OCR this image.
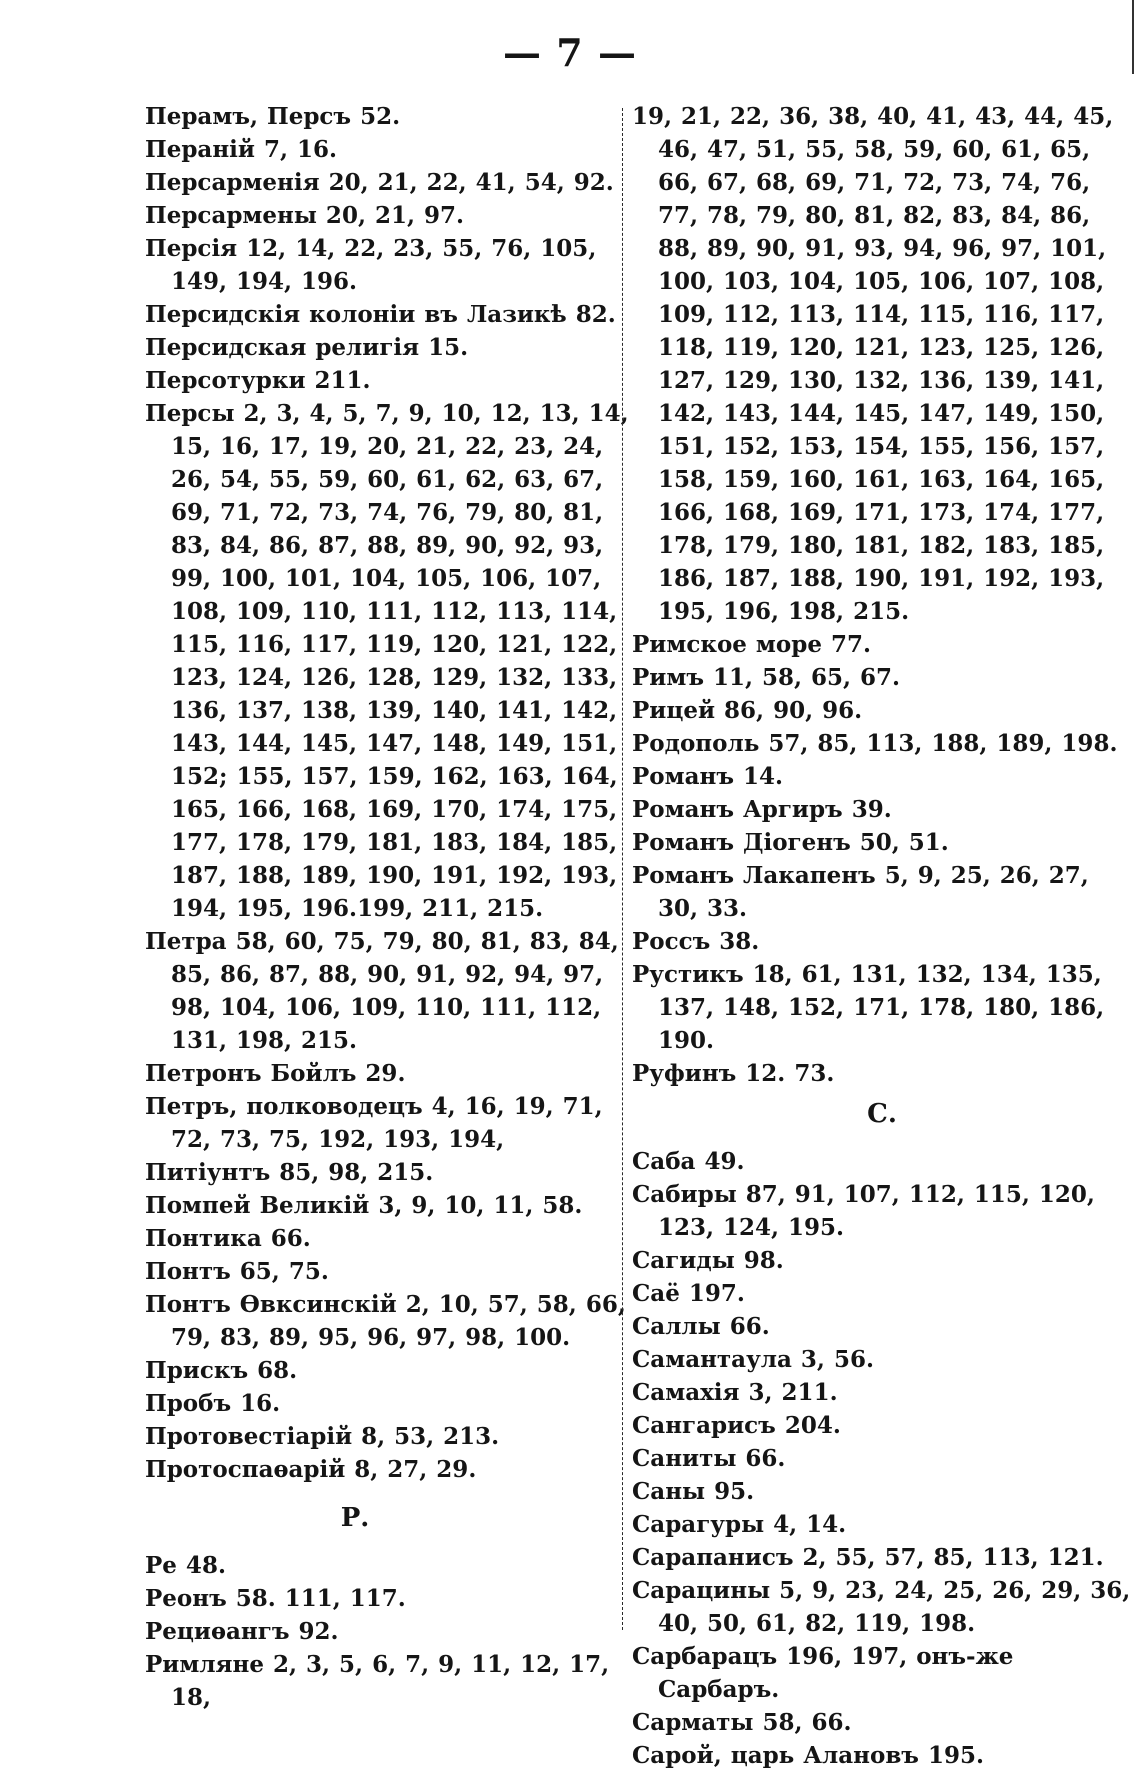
— 7 —
Перамъ, Персъ 52.
Пераній 7, 16.
Персарменія 20, 21, 22, 41, 54, 92.
Персармены 20, 21, 97.
Персія 12, 14, 22, 23, 55, 76, 105, 149, 194, 196.
Персидскія колоніи въ Лазикѣ 82.
Персидская религія 15.
Персотурки 211.
Персы 2, 3, 4, 5, 7, 9, 10, 12, 13, 14, 15, 16, 17, 19, 20, 21, 22, 23, 24, 26, 54, 55, 59, 60, 61, 62, 63, 67, 69, 71, 72, 73, 74, 76, 79, 80, 81, 83, 84, 86, 87, 88, 89, 90, 92, 93, 99, 100, 101, 104, 105, 106, 107, 108, 109, 110, 111, 112, 113, 114, 115, 116, 117, 119, 120, 121, 122, 123, 124, 126, 128, 129, 132, 133, 136, 137, 138, 139, 140, 141, 142, 143, 144, 145, 147, 148, 149, 151, 152; 155, 157, 159, 162, 163, 164, 165, 166, 168, 169, 170, 174, 175, 177, 178, 179, 181, 183, 184, 185, 187, 188, 189, 190, 191, 192, 193, 194, 195, 196.199, 211, 215.
Петра 58, 60, 75, 79, 80, 81, 83, 84, 85, 86, 87, 88, 90, 91, 92, 94, 97, 98, 104, 106, 109, 110, 111, 112, 131, 198, 215.
Петронъ Бойлъ 29.
Петръ, полководецъ 4, 16, 19, 71, 72, 73, 75, 192, 193, 194,
Питіунтъ 85, 98, 215.
Помпей Великій 3, 9, 10, 11, 58.
Понтика 66.
Понтъ 65, 75.
Понтъ Ѳвксинскій 2, 10, 57, 58, 66, 79, 83, 89, 95, 96, 97, 98, 100.
Прискъ 68.
Пробъ 16.
Протовестіарій 8, 53, 213.
Протоспаѳарій 8, 27, 29.
Р.
Ре 48.
Реонъ 58. 111, 117.
Рециѳангъ 92.
Римляне 2, 3, 5, 6, 7, 9, 11, 12, 17, 18,
19, 21, 22, 36, 38, 40, 41, 43, 44, 45, 46, 47, 51, 55, 58, 59, 60, 61, 65, 66, 67, 68, 69, 71, 72, 73, 74, 76, 77, 78, 79, 80, 81, 82, 83, 84, 86, 88, 89, 90, 91, 93, 94, 96, 97, 101, 100, 103, 104, 105, 106, 107, 108, 109, 112, 113, 114, 115, 116, 117, 118, 119, 120, 121, 123, 125, 126, 127, 129, 130, 132, 136, 139, 141, 142, 143, 144, 145, 147, 149, 150, 151, 152, 153, 154, 155, 156, 157, 158, 159, 160, 161, 163, 164, 165, 166, 168, 169, 171, 173, 174, 177, 178, 179, 180, 181, 182, 183, 185, 186, 187, 188, 190, 191, 192, 193, 195, 196, 198, 215.
Римское море 77.
Римъ 11, 58, 65, 67.
Рицей 86, 90, 96.
Родополь 57, 85, 113, 188, 189, 198.
Романъ 14.
Романъ Аргиръ 39.
Романъ Діогенъ 50, 51.
Романъ Лакапенъ 5, 9, 25, 26, 27, 30, 33.
Россъ 38.
Рустикъ 18, 61, 131, 132, 134, 135, 137, 148, 152, 171, 178, 180, 186, 190.
Руфинъ 12. 73.
С.
Саба 49.
Сабиры 87, 91, 107, 112, 115, 120, 123, 124, 195.
Сагиды 98.
Саё 197.
Саллы 66.
Самантаула 3, 56.
Самахія 3, 211.
Сангарисъ 204.
Саниты 66.
Саны 95.
Сарагуры 4, 14.
Сарапанисъ 2, 55, 57, 85, 113, 121.
Сарацины 5, 9, 23, 24, 25, 26, 29, 36, 40, 50, 61, 82, 119, 198.
Сарбарацъ 196, 197, онъ-же Сарбаръ.
Сарматы 58, 66.
Сарой, царь Алановъ 195.
